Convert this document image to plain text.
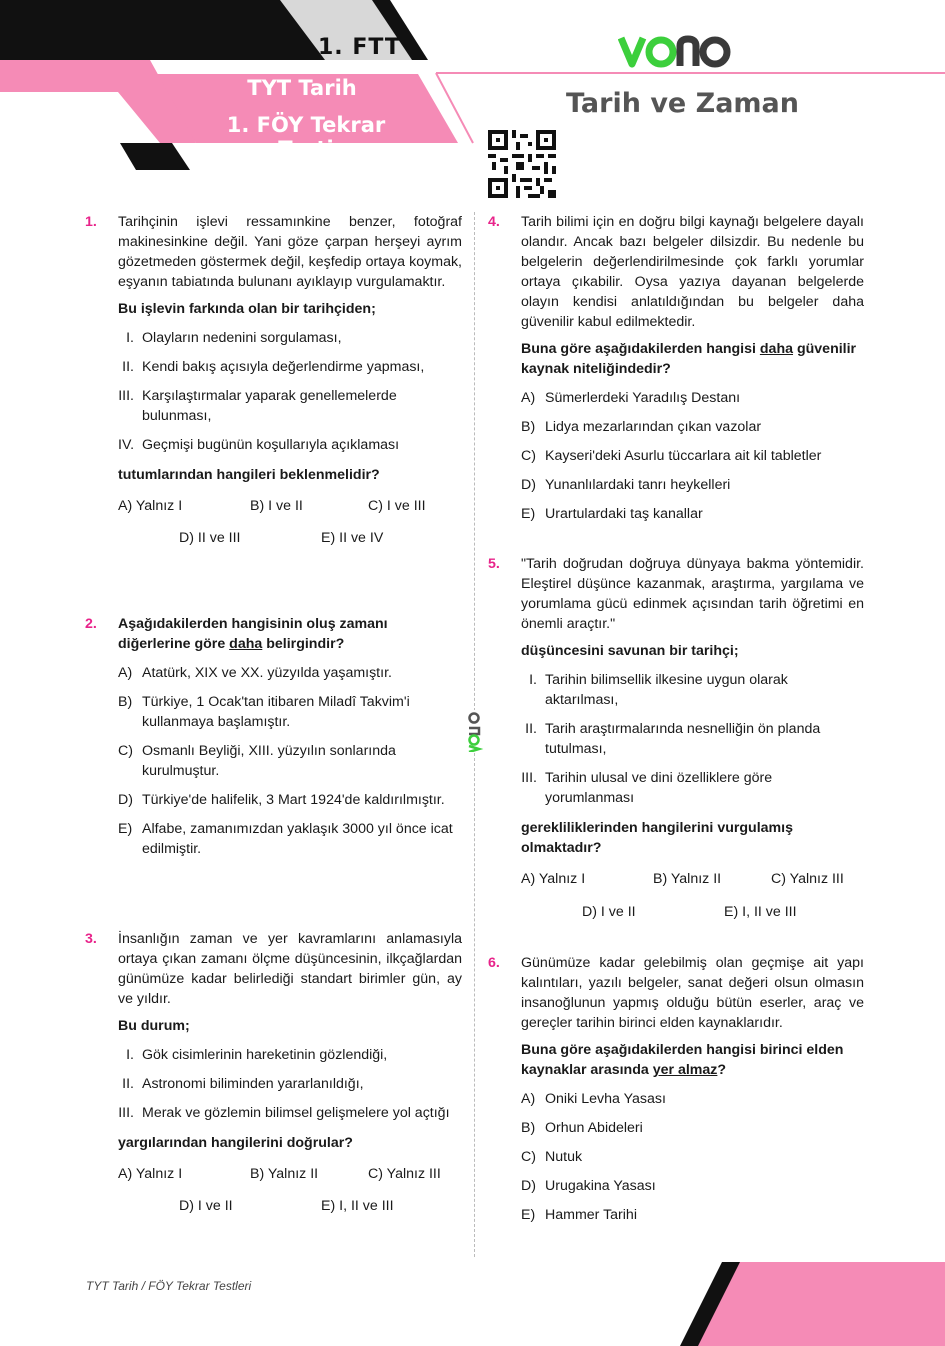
1. FTT
TYT Tarih
1. FÖY Tekrar Testi
Tarih ve Zaman
1. Tarihçinin işlevi ressamınkine benzer, fotoğraf makinesinkine değil. Yani göze çarpan herşeyi ayrım gözetmeden göstermek değil, keşfedip ortaya koymak, eşyanın tabiatında bulunanı ayıklayıp vurgulamaktır.
Bu işlevin farkında olan bir tarihçiden;
I. Olayların nedenini sorgulaması,
II. Kendi bakış açısıyla değerlendirme yapması,
III. Karşılaştırmalar yaparak genellemelerde bulunması,
IV. Geçmişi bugünün koşullarıyla açıklaması
tutumlarından hangileri beklenmelidir?
A) Yalnız I	B) I ve II	C) I ve III
D) II ve III	E) II ve IV
2. Aşağıdakilerden hangisinin oluş zamanı diğerlerine göre daha belirgindir?
A) Atatürk, XIX ve XX. yüzyılda yaşamıştır.
B) Türkiye, 1 Ocak'tan itibaren Miladî Takvim'i kullanmaya başlamıştır.
C) Osmanlı Beyliği, XIII. yüzyılın sonlarında kurulmuştur.
D) Türkiye'de halifelik, 3 Mart 1924'de kaldırılmıştır.
E) Alfabe, zamanımızdan yaklaşık 3000 yıl önce icat edilmiştir.
3. İnsanlığın zaman ve yer kavramlarını anlamasıyla ortaya çıkan zamanı ölçme düşüncesinin, ilkçağlardan günümüze kadar belirlediği standart birimler gün, ay ve yıldır.
Bu durum;
I. Gök cisimlerinin hareketinin gözlendiği,
II. Astronomi biliminden yararlanıldığı,
III. Merak ve gözlemin bilimsel gelişmelere yol açtığı
yargılarından hangilerini doğrular?
A) Yalnız I	B) Yalnız II	C) Yalnız III
D) I ve II	E) I, II ve III
4. Tarih bilimi için en doğru bilgi kaynağı belgelere dayalı olandır. Ancak bazı belgeler dilsizdir. Bu nedenle bu belgelerin değerlendirilmesinde çok farklı yorumlar ortaya çıkabilir. Oysa yazıya dayanan belgelerde olayın kendisi anlatıldığından bu belgeler daha güvenilir kabul edilmektedir.
Buna göre aşağıdakilerden hangisi daha güvenilir kaynak niteliğindedir?
A) Sümerlerdeki Yaradılış Destanı
B) Lidya mezarlarından çıkan vazolar
C) Kayseri'deki Asurlu tüccarlara ait kil tabletler
D) Yunanlılardaki tanrı heykelleri
E) Urartulardaki taş kanallar
5. "Tarih doğrudan doğruya dünyaya bakma yöntemidir. Eleştirel düşünce kazanmak, araştırma, yargılama ve yorumlama gücü edinmek açısından tarih öğretimi en önemli araçtır."
düşüncesini savunan bir tarihçi;
I. Tarihin bilimsellik ilkesine uygun olarak aktarılması,
II. Tarih araştırmalarında nesnelliğin ön planda tutulması,
III. Tarihin ulusal ve dini özelliklere göre yorumlanması
gerekliliklerinden hangilerini vurgulamış olmaktadır?
A) Yalnız I	B) Yalnız II	C) Yalnız III
D) I ve II	E) I, II ve III
6. Günümüze kadar gelebilmiş olan geçmişe ait yapı kalıntıları, yazılı belgeler, sanat değeri olsun olmasın insanoğlunun yapmış olduğu bütün eserler, araç ve gereçler tarihin birinci elden kaynaklarıdır.
Buna göre aşağıdakilerden hangisi birinci elden kaynaklar arasında yer almaz?
A) Oniki Levha Yasası
B) Orhun Abideleri
C) Nutuk
D) Urugakina Yasası
E) Hammer Tarihi
TYT Tarih / FÖY Tekrar Testleri
